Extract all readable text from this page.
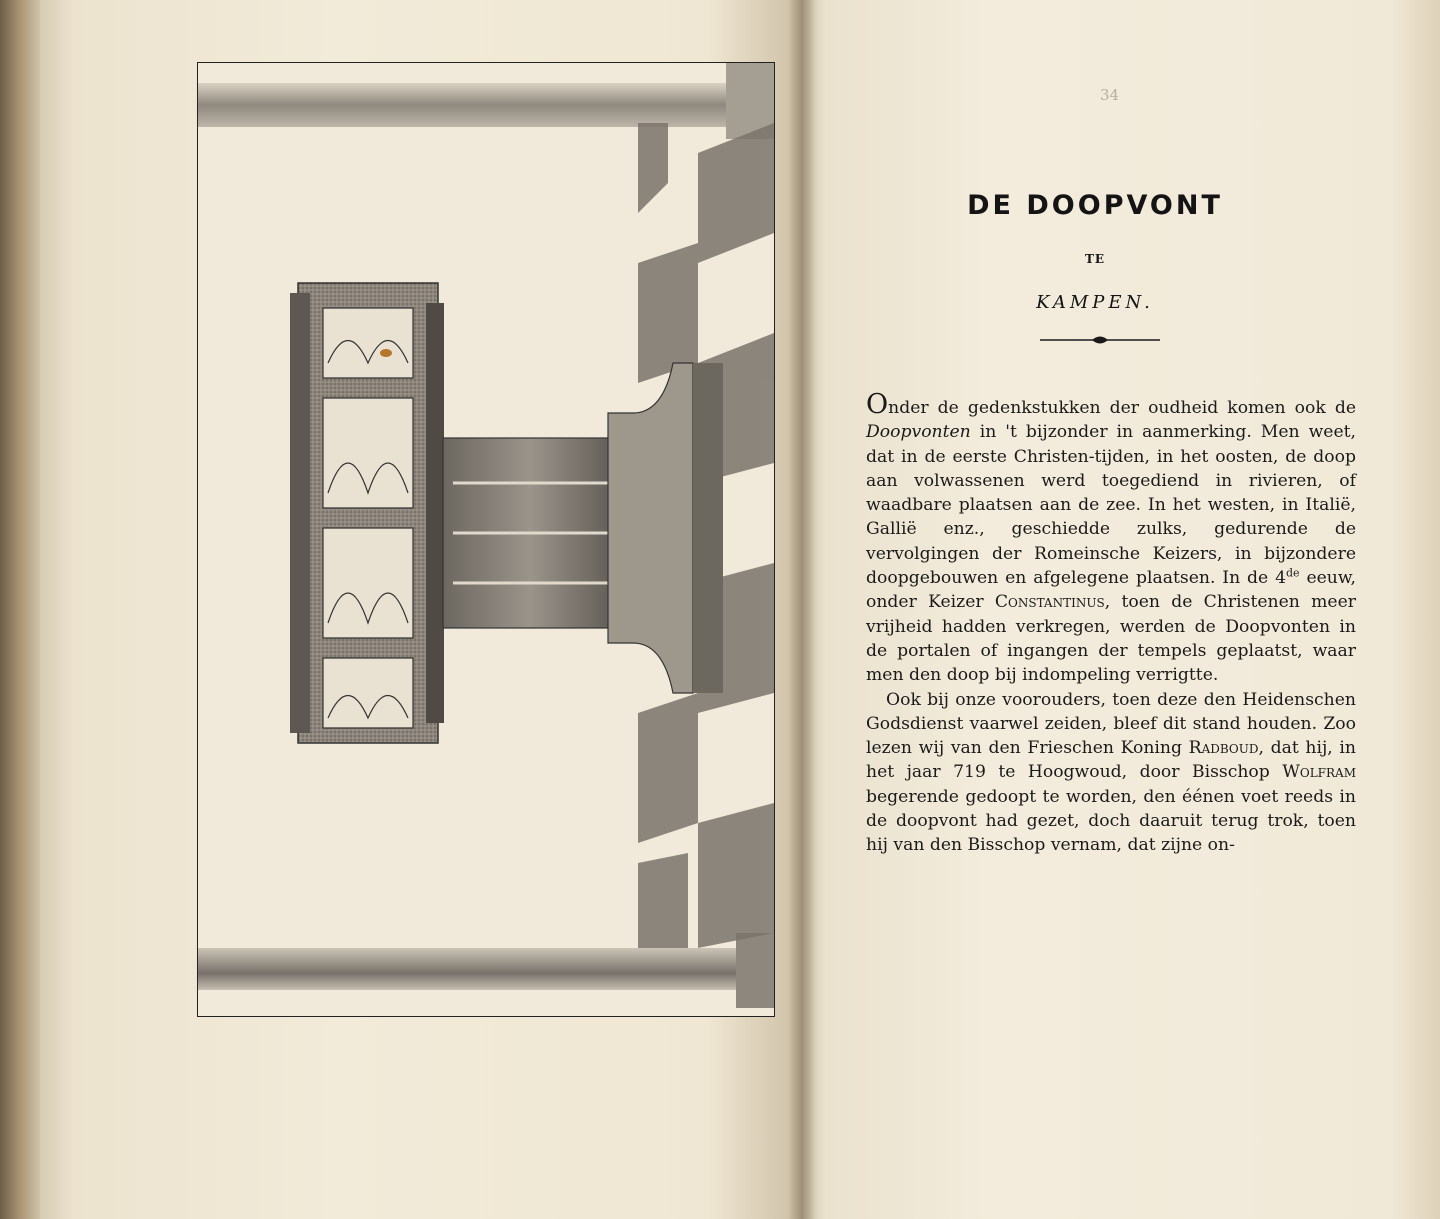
34
DE DOOPVONT
TE
KAMPEN.

Onder de gedenkstukken der oudheid komen ook de Doopvonten in 't bijzonder in aanmerking. Men weet, dat in de eerste Christen-tijden, in het oosten, de doop aan volwassenen werd toegediend in rivieren, of waadbare plaatsen aan de zee. In het westen, in Italië, Gallië enz., geschiedde zulks, gedurende de vervolgingen der Romeinsche Keizers, in bijzondere doopgebouwen en afgelegene plaatsen. In de 4de eeuw, onder Keizer Constantinus, toen de Christenen meer vrijheid hadden verkregen, werden de Doopvonten in de portalen of ingangen der tempels geplaatst, waar men den doop bij indompeling verrigtte.

Ook bij onze voorouders, toen deze den Heidenschen Godsdienst vaarwel zeiden, bleef dit stand houden. Zoo lezen wij van den Frieschen Koning Radboud, dat hij, in het jaar 719 te Hoogwoud, door Bisschop Wolfram begerende gedoopt te worden, den éénen voet reeds in de doopvont had gezet, doch daaruit terug trok, toen hij van den Bisschop vernam, dat zijne on-
